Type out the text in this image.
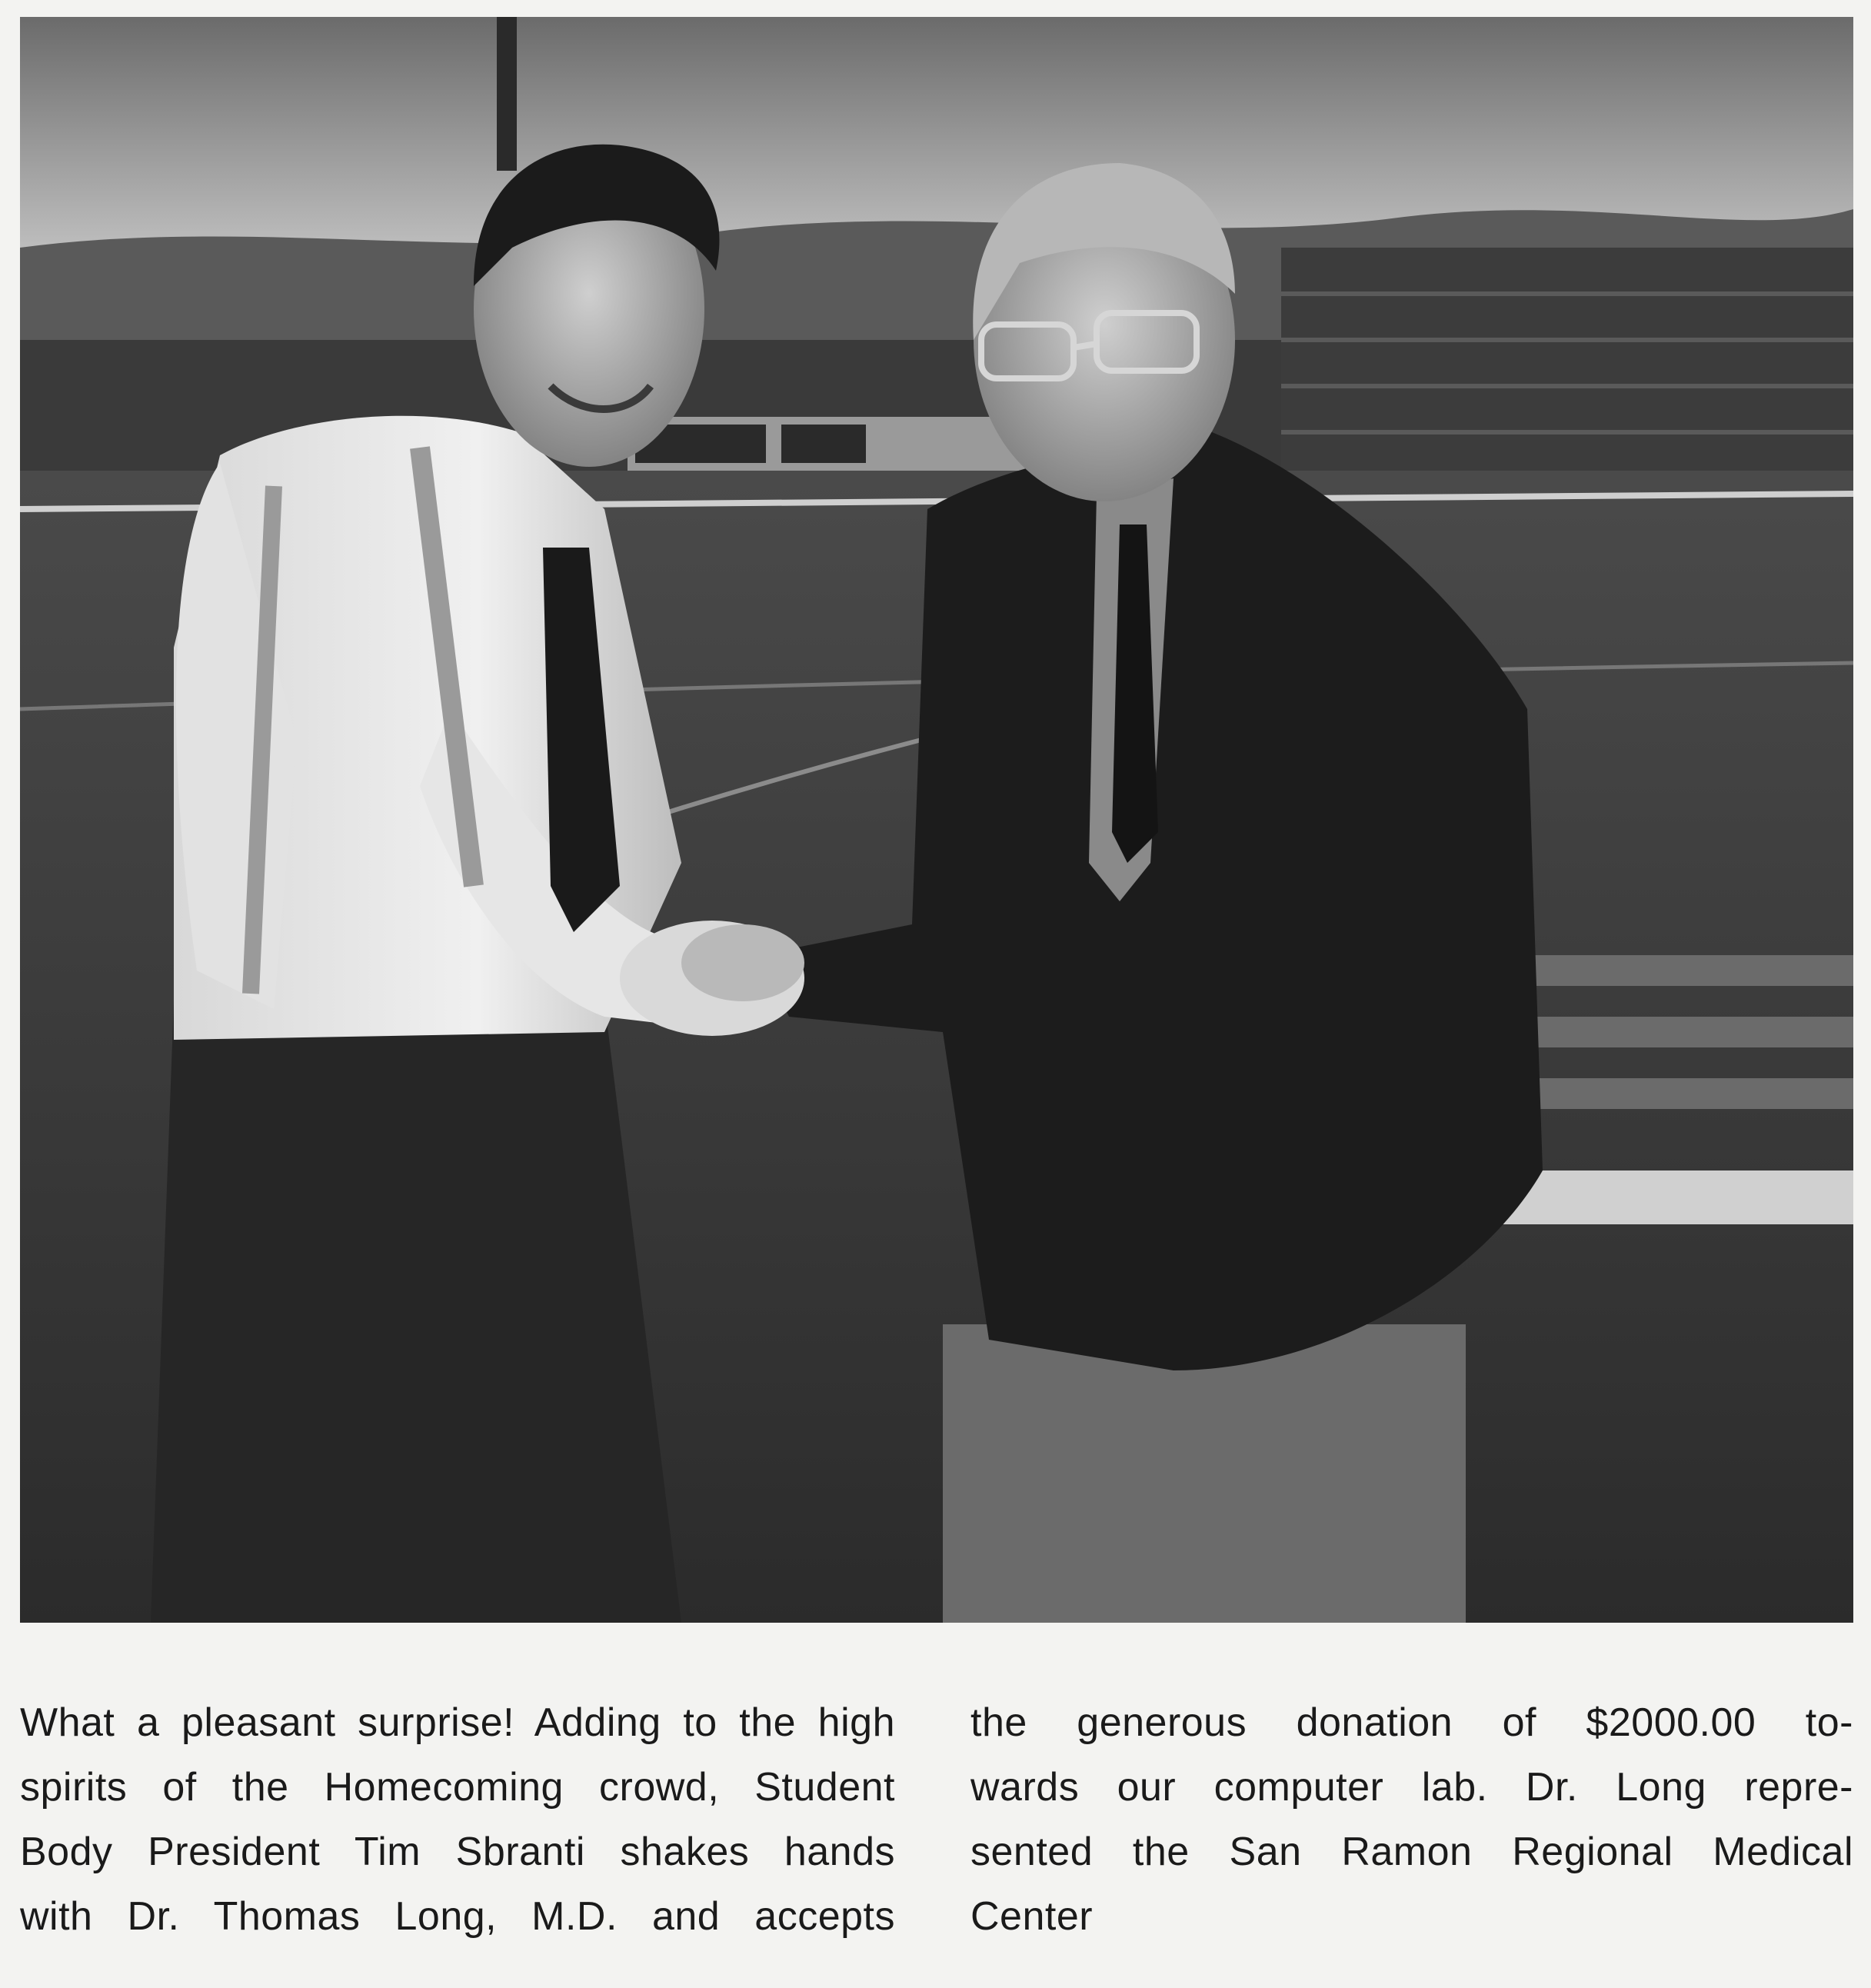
What a pleasant surprise! Adding to the high
spirits of the Homecoming crowd, Student
Body President Tim Sbranti shakes hands
with Dr. Thomas Long, M.D. and accepts
the generous donation of $2000.00 to-
wards our computer lab. Dr. Long repre-
sented the San Ramon Regional Medical
Center
